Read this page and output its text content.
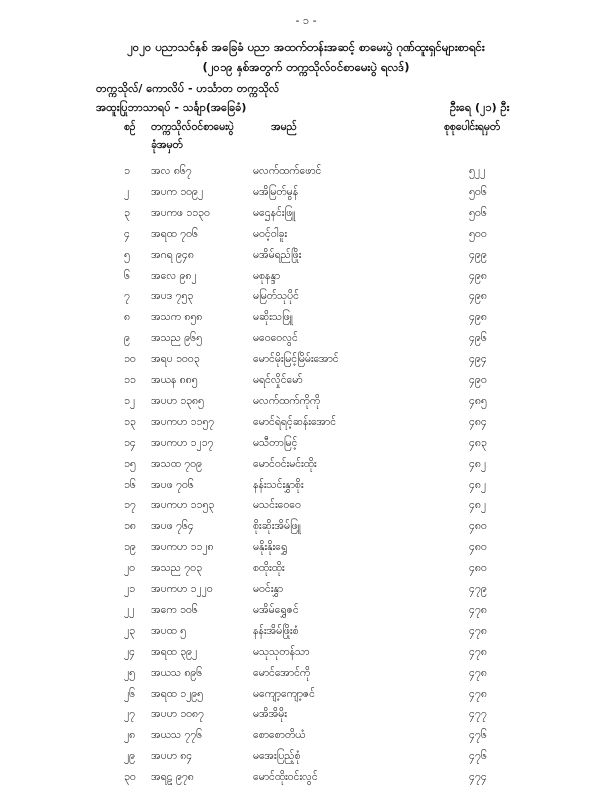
- ၁ -
၂၀၂၀ ပညာသင်နှစ် အခြေခံ ပညာ အထက်တန်းအဆင့် စာမေးပွဲ ဂုဏ်ထူးရှင်များစာရင်း
(၂၀၁၉ နှစ်အတွက် တက္ကသိုလ်ဝင်စာမေးပွဲ ရလဒ်)
တက္ကသိုလ်/ ကောလိပ် - ဟင်္သာတ တက္ကသိုလ်
အထူးပြုဘာသာရပ် - သင်္ချာ(အခြေခံ)	ဦးရေ (၂၁) ဦး
စဉ် တက္ကသိုလ်ဝင်စာမေးပွဲ
ခုံအမှတ်
အမည်	စုစုပေါင်းရမှတ်
၁ အလ ၈၆၇	မလက်ထက်ဖောင်	၅၂၂
၂ အပက ၁၀၉၂	မအိမြတ်မွန်	၅၀၆
၃ အပကဖ ၁၁၃၀	မဌေနင်းဖြူ	၅၀၆
၄ အရထ ၇၀၆	မဝင့်ဝါခူး	၅၀၀
၅ အဂရ ၉၄၈	မအိမ်ရည်ဖြိုး	၄၉၉
၆ အလေ ၉၈၂	မစုနန္ဒာ	၄၉၈
၇ အပဒ ၇၅၃	မမြတ်သုပိုင်	၄၉၈
၈ အသက ၈၅၈	မဆိုးသဖြူ	၄၉၈
၉ အသည ၉၆၅	မဝေဝေလွင်	၄၉၆
၁၀ အရပ ၁၀၀၃	မောင်မိုးမြင့်မြိမ်းအောင်	၄၉၄
၁၁ အယန ၈၈၅	မရင်လှိုင်မော်	၄၉၀
၁၂ အပဟ ၁၃၈၅	မလက်ထက်ကိုကို	၄၈၅
၁၃ အပကဟ ၁၁၅၇	မောင်ရဲရင့်ဆန်းအောင်	၄၈၄
၁၄ အပကဟ ၁၂၁၇	မသီတာမြင့်	၄၈၃
၁၅ အသထ ၇၀၉	မောင်ဝင်းမင်းထိုး	၄၈၂
၁၆ အပဖ ၇၀၆	နန်းသင်းနွှာစိုး	၄၈၂
၁၇ အပကဟ ၁၁၅၃	မသင်းဝေဝေ	၄၈၂
၁၈ အပဖ ၇၆၄	စိုးဆိုးအိမ်ဖြူ	၄၈၀
၁၉ အပကဟ ၁၁၂၈	မနိုးနိုးရွှေ	၄၈၀
၂၀ အသည ၇၀၃	စထိုးထိုး	၄၈၀
၂၁ အပကဟ ၁၂၂၀	မဝင်းနွှာ	၄၇၉
၂၂ အကေ ၁၀၆	မအိမ်ရွှေဇင်	၄၇၈
၂၃ အပထ ၅	နန်းအိမ်ဖြိုးစံ	၄၇၈
၂၄ အရထ ၃၉၂	မသုသုတန်သာ	၄၇၈
၂၅ အယသ ၈၉၆	မောင်အောင်ကို	၄၇၈
၂၆ အရထ ၁၂၉၅	မကျော့ကျော့ဇင်	၄၇၈
၂၇ အပဟ ၁၀၈၇	မအိအိမိုး	၄၇၇
၂၈ အယသ ၇၇၆	စောစောတိယံ	၄၇၆
၂၉ အပဟ ၈၄	မအေးပြည့်စုံ	၄၇၆
၃၀ အရဠ ၉၇၈	မောင်ထိုးဝင်းလွင်	၄၇၄
